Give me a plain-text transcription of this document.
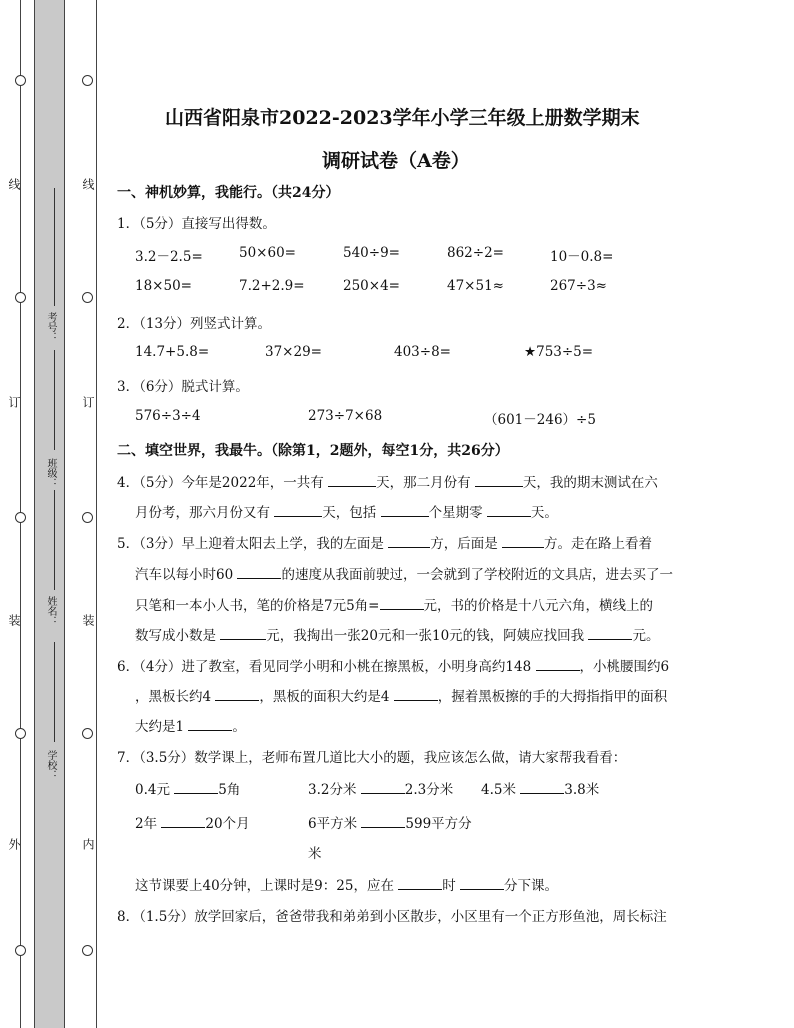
线
订
装
外
线
订
装
内
考号：
班级：
姓名：
学校：
山西省阳泉市2022-2023学年小学三年级上册数学期末
调研试卷（A卷）
一、神机妙算，我能行。（共24分）
1．（5分）直接写出得数。
3.2－2.5=	50×60=	540÷9=	862÷2=	10－0.8=
18×50=	7.2+2.9=	250×4=	47×51≈	267÷3≈
2．（13分）列竖式计算。
14.7+5.8=	37×29=	403÷8=	★753÷5=
3．（6分）脱式计算。
576÷3÷4	273÷7×68	（601－246）÷5
二、填空世界，我最牛。（除第1，2题外，每空1分，共26分）
4．（5分）今年是2022年，一共有	天，那二月份有	天，我的期末测试在六
月份考，那六月份又有	天，包括	个星期零	天。
5．（3分）早上迎着太阳去上学，我的左面是	方，后面是	方。走在路上看着
汽车以每小时60	的速度从我面前驶过，一会就到了学校附近的文具店，进去买了一
只笔和一本小人书，笔的价格是7元5角=	元，书的价格是十八元六角，横线上的
数写成小数是	元，我掏出一张20元和一张10元的钱，阿姨应找回我	元。
6．（4分）进了教室，看见同学小明和小桃在擦黑板，小明身高约148	，小桃腰围约6
，黑板长约4	，黑板的面积大约是4	，握着黑板擦的手的大拇指指甲的面积
大约是1	。
7．（3.5分）数学课上，老师布置几道比大小的题，我应该怎么做，请大家帮我看看：
0.4元	5角	3.2分米	2.3分米 4.5米	3.8米
2年	20个月	6平方米	599平方分
米
这节课要上40分钟，上课时是9：25，应在	时	分下课。
8．（1.5分）放学回家后，爸爸带我和弟弟到小区散步，小区里有一个正方形鱼池，周长标注
